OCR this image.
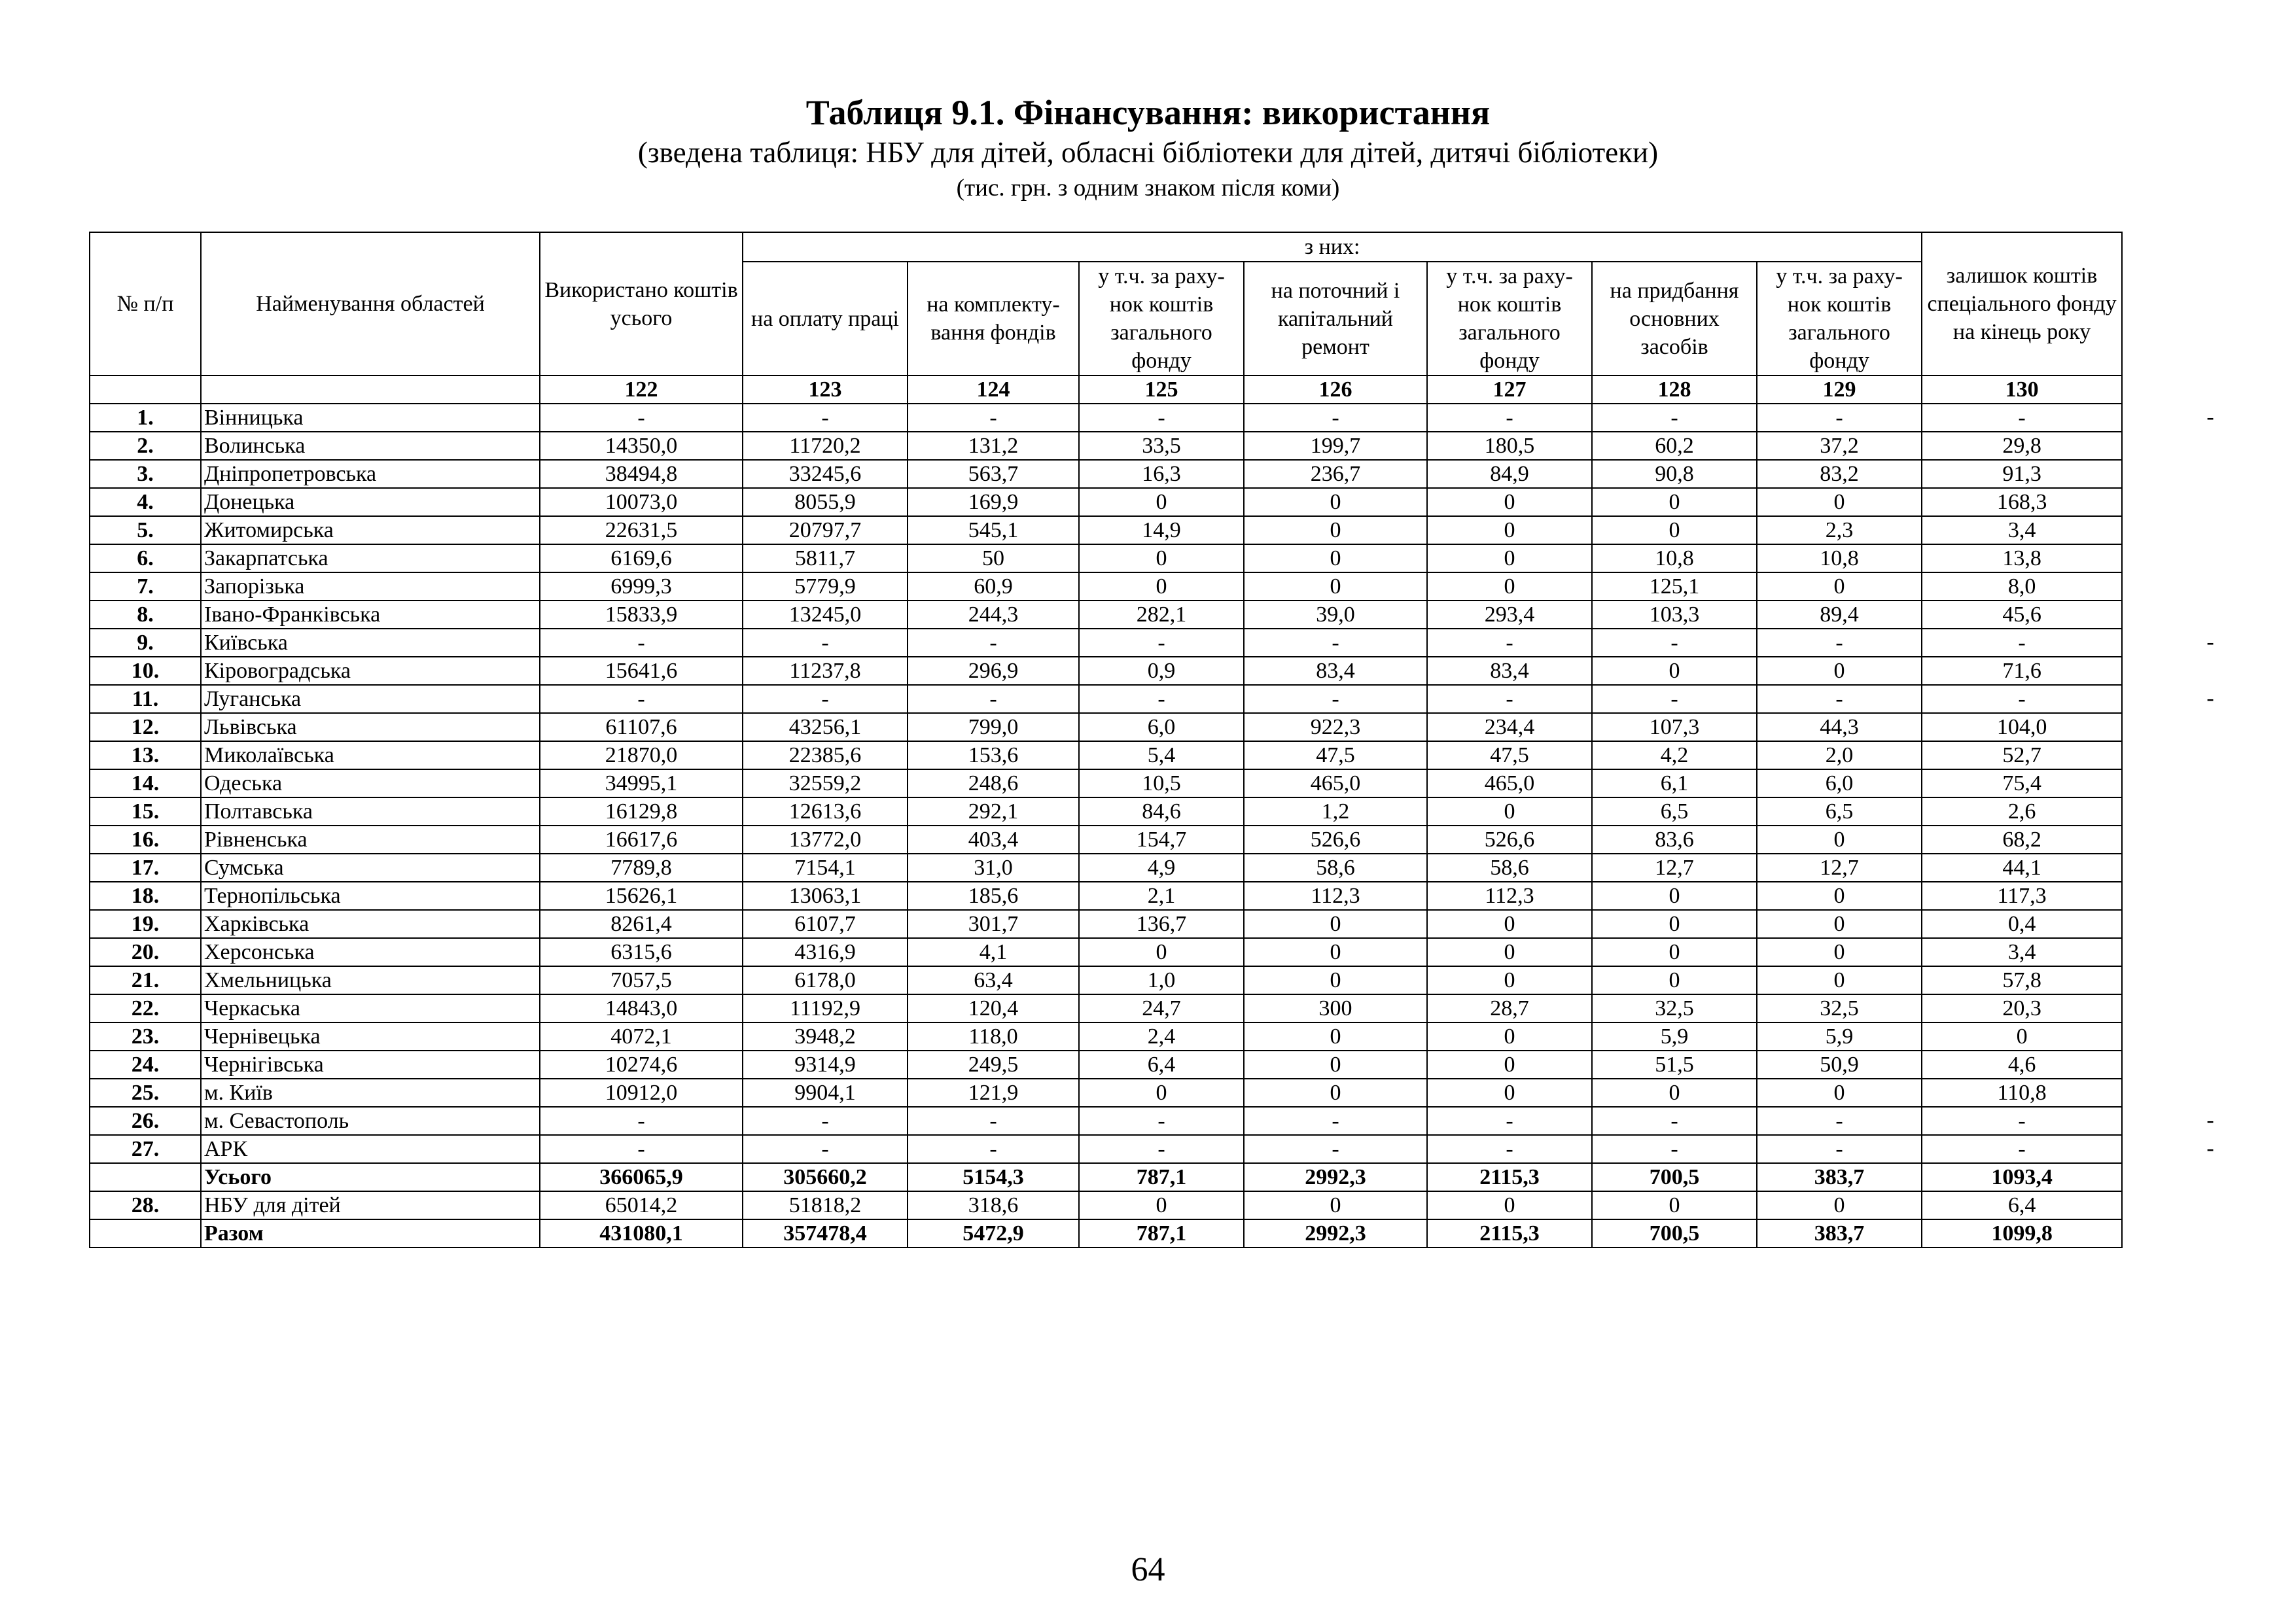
Таблиця 9.1. Фінансування: використання
(зведена таблиця: НБУ для дітей, обласні бібліотеки для дітей, дитячі бібліотеки)
(тис. грн. з одним знаком після коми)
№ п/п	Найменування областей	Використано коштів усього	з них:							залишок коштів спеціального фонду на кінець року
			на оплату праці	на комплекту-вання фондів	у т.ч. за раху-нок коштів загального фонду	на поточний і капітальний ремонт	у т.ч. за раху-нок коштів загального фонду	на придбання основних засобів	у т.ч. за раху-нок коштів загального фонду	
		122	123	124	125	126	127	128	129	130
1.	Вінницька	-	-	-	-	-	-	-	-	-
2.	Волинська	14350,0	11720,2	131,2	33,5	199,7	180,5	60,2	37,2	29,8
3.	Дніпропетровська	38494,8	33245,6	563,7	16,3	236,7	84,9	90,8	83,2	91,3
4.	Донецька	10073,0	8055,9	169,9	0	0	0	0	0	168,3
5.	Житомирська	22631,5	20797,7	545,1	14,9	0	0	0	2,3	3,4
6.	Закарпатська	6169,6	5811,7	50	0	0	0	10,8	10,8	13,8
7.	Запорізька	6999,3	5779,9	60,9	0	0	0	125,1	0	8,0
8.	Івано-Франківська	15833,9	13245,0	244,3	282,1	39,0	293,4	103,3	89,4	45,6
9.	Київська	-	-	-	-	-	-	-	-	-
10.	Кіровоградська	15641,6	11237,8	296,9	0,9	83,4	83,4	0	0	71,6
11.	Луганська	-	-	-	-	-	-	-	-	-
12.	Львівська	61107,6	43256,1	799,0	6,0	922,3	234,4	107,3	44,3	104,0
13.	Миколаївська	21870,0	22385,6	153,6	5,4	47,5	47,5	4,2	2,0	52,7
14.	Одеська	34995,1	32559,2	248,6	10,5	465,0	465,0	6,1	6,0	75,4
15.	Полтавська	16129,8	12613,6	292,1	84,6	1,2	0	6,5	6,5	2,6
16.	Рівненська	16617,6	13772,0	403,4	154,7	526,6	526,6	83,6	0	68,2
17.	Сумська	7789,8	7154,1	31,0	4,9	58,6	58,6	12,7	12,7	44,1
18.	Тернопільська	15626,1	13063,1	185,6	2,1	112,3	112,3	0	0	117,3
19.	Харківська	8261,4	6107,7	301,7	136,7	0	0	0	0	0,4
20.	Херсонська	6315,6	4316,9	4,1	0	0	0	0	0	3,4
21.	Хмельницька	7057,5	6178,0	63,4	1,0	0	0	0	0	57,8
22.	Черкаська	14843,0	11192,9	120,4	24,7	300	28,7	32,5	32,5	20,3
23.	Чернівецька	4072,1	3948,2	118,0	2,4	0	0	5,9	5,9	0
24.	Чернігівська	10274,6	9314,9	249,5	6,4	0	0	51,5	50,9	4,6
25.	м. Київ	10912,0	9904,1	121,9	0	0	0	0	0	110,8
26.	м. Севастополь	-	-	-	-	-	-	-	-	-
27.	АРК	-	-	-	-	-	-	-	-	-
	Усього	366065,9	305660,2	5154,3	787,1	2992,3	2115,3	700,5	383,7	1093,4
28.	НБУ для дітей	65014,2	51818,2	318,6	0	0	0	0	0	6,4
	Разом	431080,1	357478,4	5472,9	787,1	2992,3	2115,3	700,5	383,7	1099,8
-
-
-
-
-
64
